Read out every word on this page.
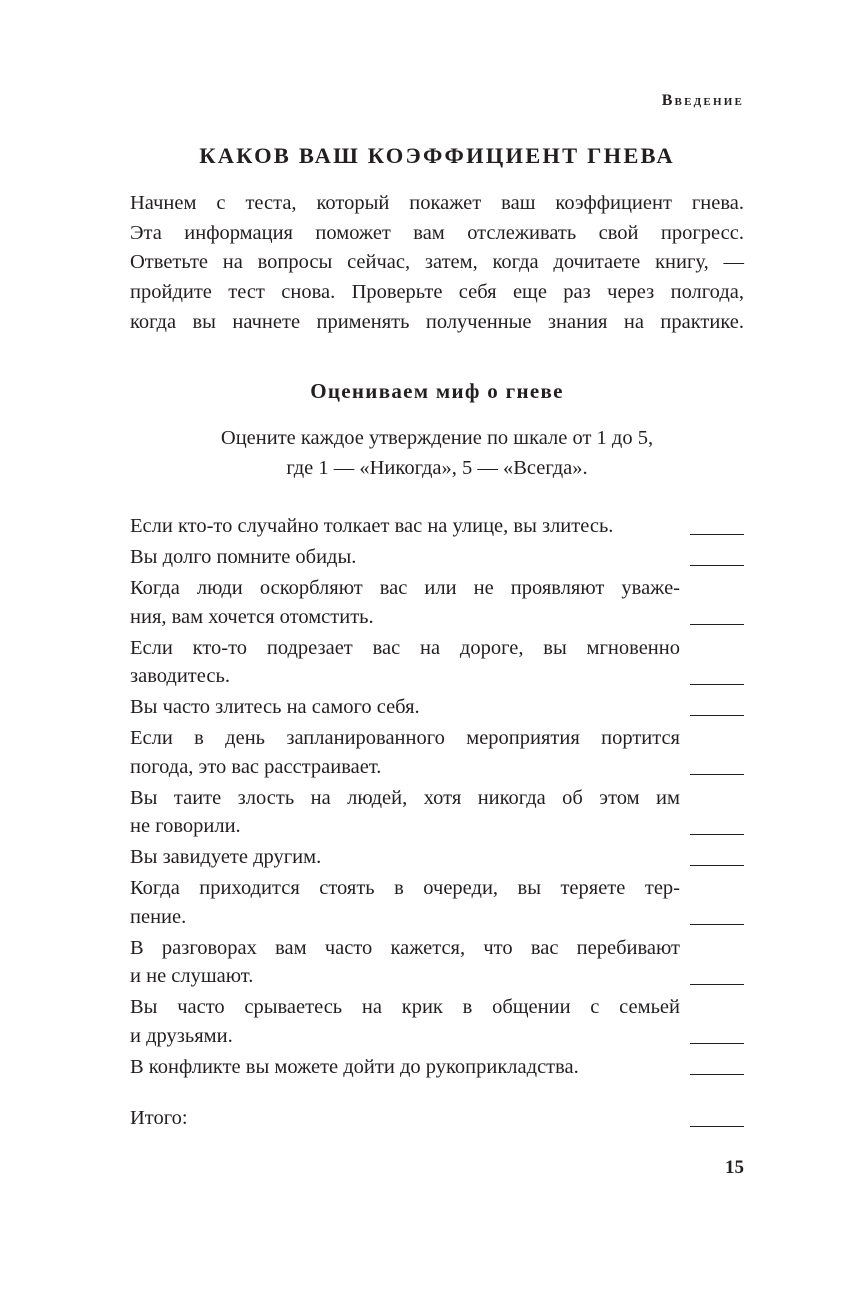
Введение
КАКОВ ВАШ КОЭФФИЦИЕНТ ГНЕВА

Начнем с теста, который покажет ваш коэффициент гнева.
Эта информация поможет вам отслеживать свой прогресс.
Ответьте на вопросы сейчас, затем, когда дочитаете книгу, —
пройдите тест снова. Проверьте себя еще раз через полгода,
когда вы начнете применять полученные знания на практике.

Оцениваем миф о гневе
Оцените каждое утверждение по шкале от 1 до 5,
где 1 — «Никогда», 5 — «Всегда».
Если кто-то случайно толкает вас на улице, вы злитесь.
Вы долго помните обиды.
Когда люди оскорбляют вас или не проявляют уваже-
ния, вам хочется отомстить.
Если кто-то подрезает вас на дороге, вы мгновенно
заводитесь.
Вы часто злитесь на самого себя.
Если в день запланированного мероприятия портится
погода, это вас расстраивает.
Вы таите злость на людей, хотя никогда об этом им
не говорили.
Вы завидуете другим.
Когда приходится стоять в очереди, вы теряете тер-
пение.
В разговорах вам часто кажется, что вас перебивают
и не слушают.
Вы часто срываетесь на крик в общении с семьей
и друзьями.
В конфликте вы можете дойти до рукоприкладства.
Итого:
15
